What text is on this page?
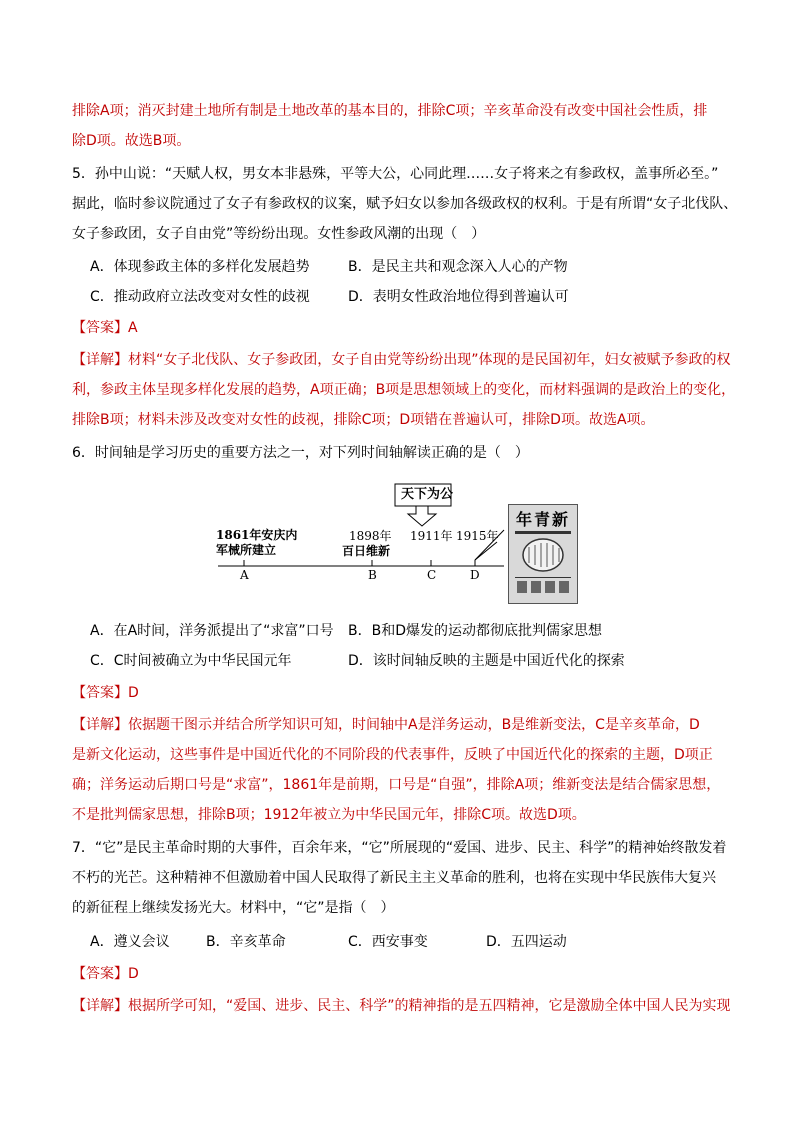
排除A项；消灭封建土地所有制是土地改革的基本目的，排除C项；辛亥革命没有改变中国社会性质，排
除D项。故选B项。
5．孙中山说：“天赋人权，男女本非悬殊，平等大公，心同此理……女子将来之有参政权，盖事所必至。”
据此，临时参议院通过了女子有参政权的议案，赋予妇女以参加各级政权的权利。于是有所谓“女子北伐队、
女子参政团，女子自由党”等纷纷出现。女性参政风潮的出现（　）
A．体现参政主体的多样化发展趋势	B．是民主共和观念深入人心的产物
C．推动政府立法改变对女性的歧视	D．表明女性政治地位得到普遍认可
【答案】A
【详解】材料“女子北伐队、女子参政团，女子自由党等纷纷出现”体现的是民国初年，妇女被赋予参政的权
利，参政主体呈现多样化发展的趋势，A项正确；B项是思想领域上的变化，而材料强调的是政治上的变化，
排除B项；材料未涉及改变对女性的歧视，排除C项；D项错在普遍认可，排除D项。故选A项。
6．时间轴是学习历史的重要方法之一，对下列时间轴解读正确的是（　）
天下为公
1861年安庆内
军械所建立
1898年
百日维新
1911年 1915年
A	B	C	D
年青新
A．在A时间，洋务派提出了“求富”口号 B．B和D爆发的运动都彻底批判儒家思想
C．C时间被确立为中华民国元年	D．该时间轴反映的主题是中国近代化的探索
【答案】D
【详解】依据题干图示并结合所学知识可知，时间轴中A是洋务运动，B是维新变法，C是辛亥革命，D
是新文化运动，这些事件是中国近代化的不同阶段的代表事件，反映了中国近代化的探索的主题，D项正
确；洋务运动后期口号是“求富”，1861年是前期，口号是“自强”，排除A项；维新变法是结合儒家思想，
不是批判儒家思想，排除B项；1912年被立为中华民国元年，排除C项。故选D项。
7．“它”是民主革命时期的大事件，百余年来，“它”所展现的“爱国、进步、民主、科学”的精神始终散发着
不朽的光芒。这种精神不但激励着中国人民取得了新民主主义革命的胜利，也将在实现中华民族伟大复兴
的新征程上继续发扬光大。材料中，“它”是指（　）
A．遵义会议	B．辛亥革命	C．西安事变	D．五四运动
【答案】D
【详解】根据所学可知，“爱国、进步、民主、科学”的精神指的是五四精神，它是激励全体中国人民为实现
